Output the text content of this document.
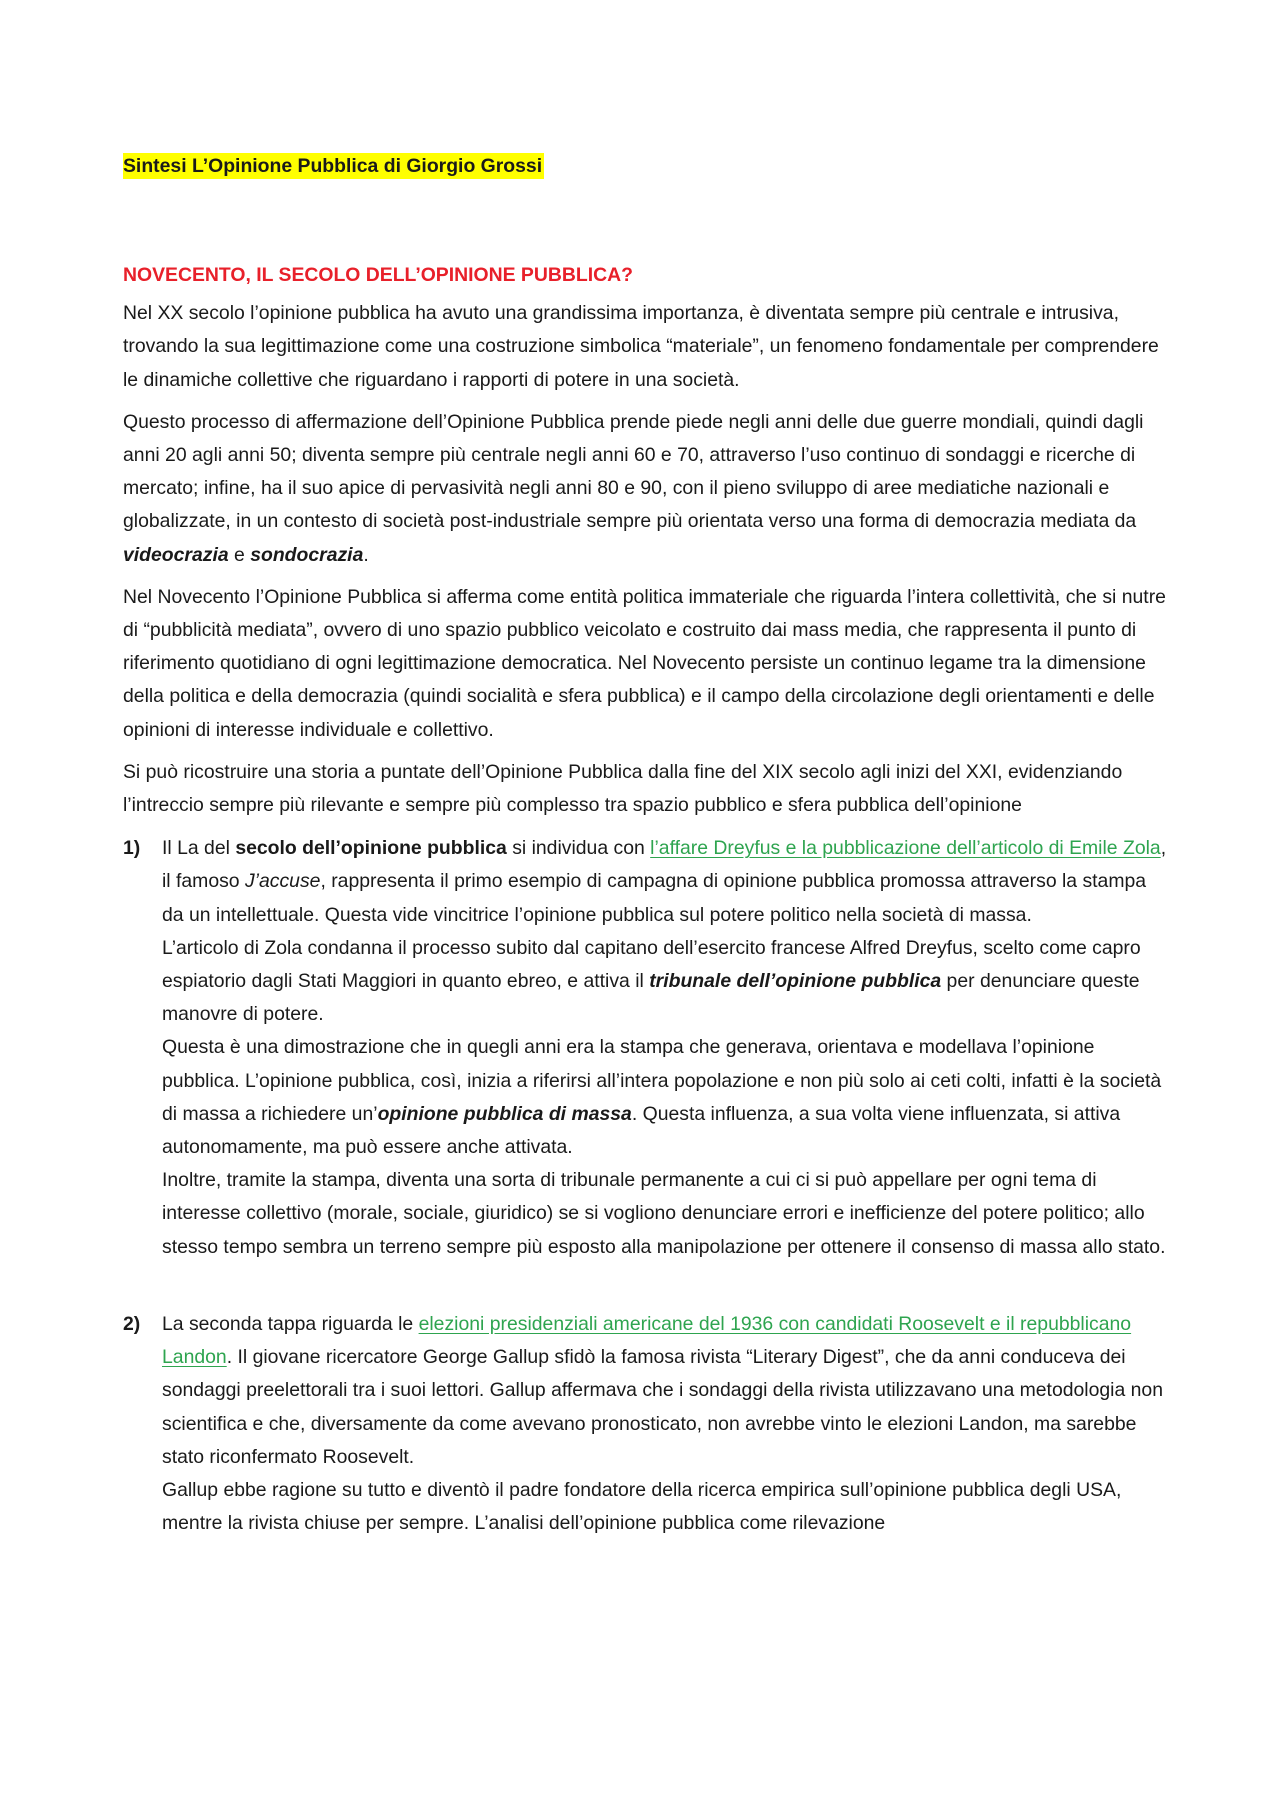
Sintesi L’Opinione Pubblica di Giorgio Grossi
NOVECENTO, IL SECOLO DELL’OPINIONE PUBBLICA?

Nel XX secolo l’opinione pubblica ha avuto una grandissima importanza, è diventata sempre più centrale e intrusiva, trovando la sua legittimazione come una costruzione simbolica “materiale”, un fenomeno fondamentale per comprendere le dinamiche collettive che riguardano i rapporti di potere in una società.

Questo processo di affermazione dell’Opinione Pubblica prende piede negli anni delle due guerre mondiali, quindi dagli anni 20 agli anni 50; diventa sempre più centrale negli anni 60 e 70, attraverso l’uso continuo di sondaggi e ricerche di mercato; infine, ha il suo apice di pervasività negli anni 80 e 90, con il pieno sviluppo di aree mediatiche nazionali e globalizzate, in un contesto di società post-industriale sempre più orientata verso una forma di democrazia mediata da videocrazia e sondocrazia.

Nel Novecento l’Opinione Pubblica si afferma come entità politica immateriale che riguarda l’intera collettività, che si nutre di “pubblicità mediata”, ovvero di uno spazio pubblico veicolato e costruito dai mass media, che rappresenta il punto di riferimento quotidiano di ogni legittimazione democratica. Nel Novecento persiste un continuo legame tra la dimensione della politica e della democrazia (quindi socialità e sfera pubblica) e il campo della circolazione degli orientamenti e delle opinioni di interesse individuale e collettivo.

Si può ricostruire una storia a puntate dell’Opinione Pubblica dalla fine del XIX secolo agli inizi del XXI, evidenziando l’intreccio sempre più rilevante e sempre più complesso tra spazio pubblico e sfera pubblica dell’opinione

1) Il La del secolo dell’opinione pubblica si individua con l’affare Dreyfus e la pubblicazione dell’articolo di Emile Zola, il famoso J’accuse, rappresenta il primo esempio di campagna di opinione pubblica promossa attraverso la stampa da un intellettuale. Questa vide vincitrice l’opinione pubblica sul potere politico nella società di massa.
L’articolo di Zola condanna il processo subito dal capitano dell’esercito francese Alfred Dreyfus, scelto come capro espiatorio dagli Stati Maggiori in quanto ebreo, e attiva il tribunale dell’opinione pubblica per denunciare queste manovre di potere.
Questa è una dimostrazione che in quegli anni era la stampa che generava, orientava e modellava l’opinione pubblica. L’opinione pubblica, così, inizia a riferirsi all’intera popolazione e non più solo ai ceti colti, infatti è la società di massa a richiedere un’opinione pubblica di massa. Questa influenza, a sua volta viene influenzata, si attiva autonomamente, ma può essere anche attivata.
Inoltre, tramite la stampa, diventa una sorta di tribunale permanente a cui ci si può appellare per ogni tema di interesse collettivo (morale, sociale, giuridico) se si vogliono denunciare errori e inefficienze del potere politico; allo stesso tempo sembra un terreno sempre più esposto alla manipolazione per ottenere il consenso di massa allo stato.
2) La seconda tappa riguarda le elezioni presidenziali americane del 1936 con candidati Roosevelt e il repubblicano Landon. Il giovane ricercatore George Gallup sfidò la famosa rivista “Literary Digest”, che da anni conduceva dei sondaggi preelettorali tra i suoi lettori. Gallup affermava che i sondaggi della rivista utilizzavano una metodologia non scientifica e che, diversamente da come avevano pronosticato, non avrebbe vinto le elezioni Landon, ma sarebbe stato riconfermato Roosevelt.
Gallup ebbe ragione su tutto e diventò il padre fondatore della ricerca empirica sull’opinione pubblica degli USA, mentre la rivista chiuse per sempre. L’analisi dell’opinione pubblica come rilevazione
